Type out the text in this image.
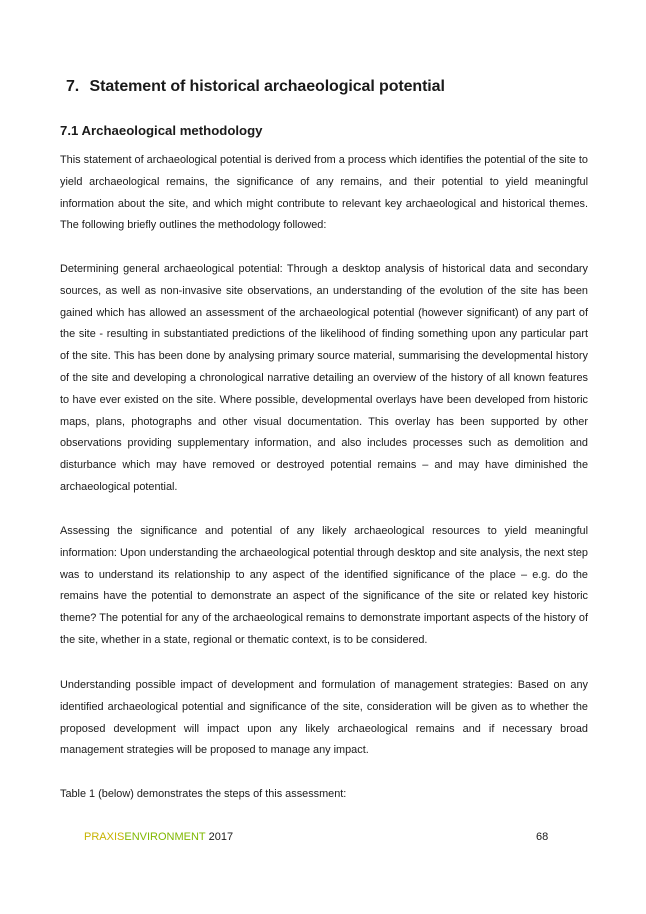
7. Statement of historical archaeological potential
7.1 Archaeological methodology

This statement of archaeological potential is derived from a process which identifies the potential of the site to yield archaeological remains, the significance of any remains, and their potential to yield meaningful information about the site, and which might contribute to relevant key archaeological and historical themes. The following briefly outlines the methodology followed:

Determining general archaeological potential: Through a desktop analysis of historical data and secondary sources, as well as non-invasive site observations, an understanding of the evolution of the site has been gained which has allowed an assessment of the archaeological potential (however significant) of any part of the site - resulting in substantiated predictions of the likelihood of finding something upon any particular part of the site. This has been done by analysing primary source material, summarising the developmental history of the site and developing a chronological narrative detailing an overview of the history of all known features to have ever existed on the site. Where possible, developmental overlays have been developed from historic maps, plans, photographs and other visual documentation. This overlay has been supported by other observations providing supplementary information, and also includes processes such as demolition and disturbance which may have removed or destroyed potential remains – and may have diminished the archaeological potential.

Assessing the significance and potential of any likely archaeological resources to yield meaningful information: Upon understanding the archaeological potential through desktop and site analysis, the next step was to understand its relationship to any aspect of the identified significance of the place – e.g. do the remains have the potential to demonstrate an aspect of the significance of the site or related key historic theme? The potential for any of the archaeological remains to demonstrate important aspects of the history of the site, whether in a state, regional or thematic context, is to be considered.

Understanding possible impact of development and formulation of management strategies: Based on any identified archaeological potential and significance of the site, consideration will be given as to whether the proposed development will impact upon any likely archaeological remains and if necessary broad management strategies will be proposed to manage any impact.

Table 1 (below) demonstrates the steps of this assessment:

PRAXISENVIRONMENT 2017	68
